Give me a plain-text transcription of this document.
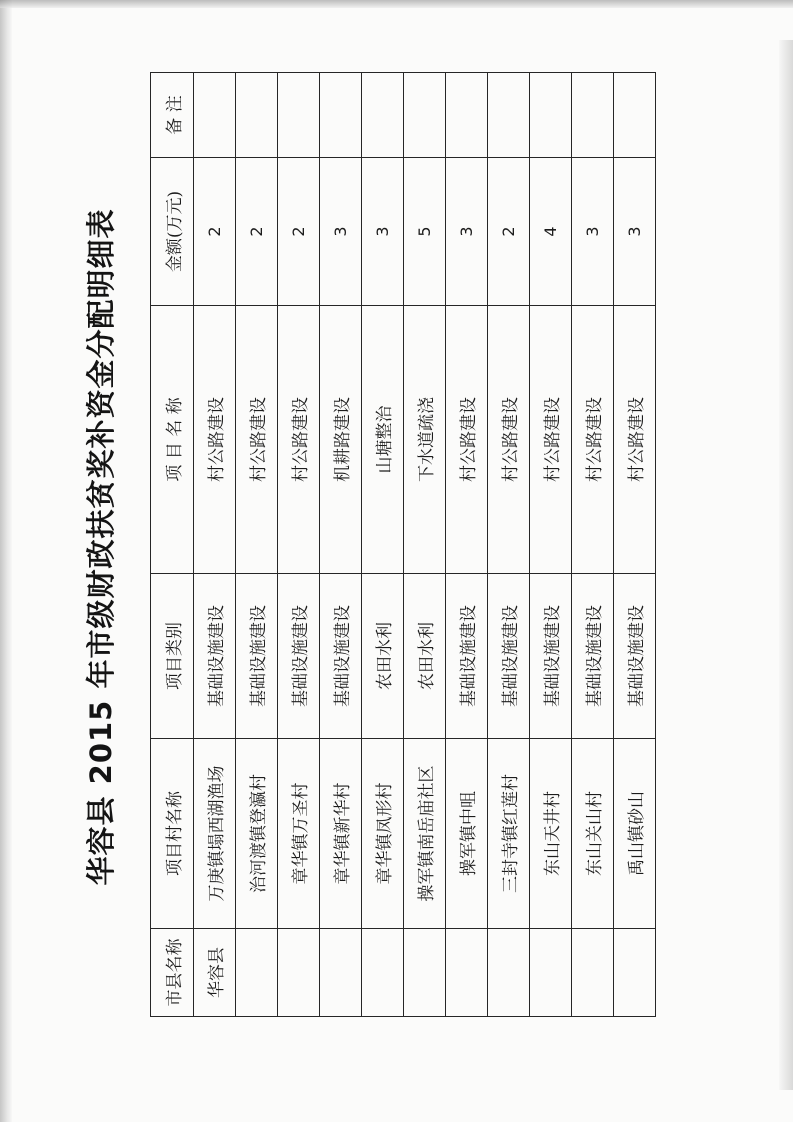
华容县 2015 年市级财政扶贫奖补资金分配明细表
市县名称	项目村名称	项目类别	项 目 名 称	金额(万元)	备 注
华容县	万庚镇塌西湖渔场	基础设施建设	村公路建设	2	
	治河渡镇登瀛村	基础设施建设	村公路建设	2	
	章华镇万圣村	基础设施建设	村公路建设	2	
	章华镇新华村	基础设施建设	机耕路建设	3	
	章华镇凤形村	农田水利	山塘整治	3	
	操军镇南岳庙社区	农田水利	下水道疏浇	5	
	操军镇中咀	基础设施建设	村公路建设	3	
	三封寺镇红莲村	基础设施建设	村公路建设	2	
	东山天井村	基础设施建设	村公路建设	4	
	东山关山村	基础设施建设	村公路建设	3	
	禹山镇砂山	基础设施建设	村公路建设	3	
